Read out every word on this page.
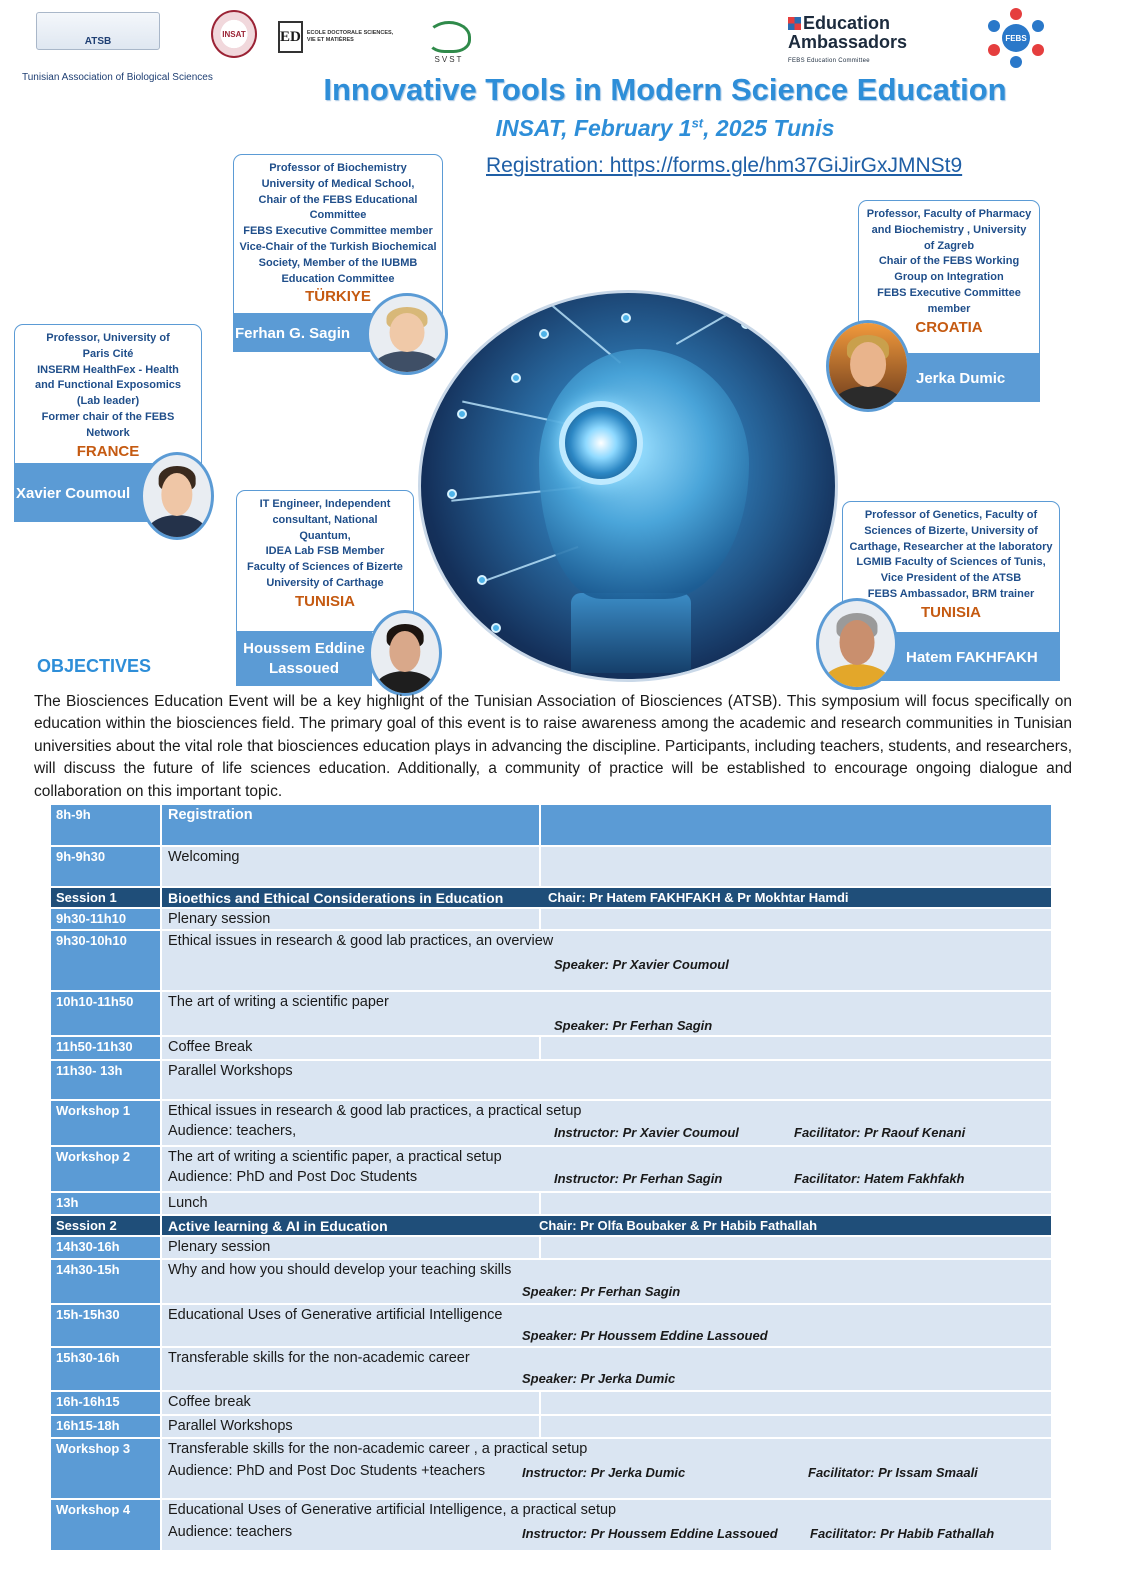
ATSB
Tunisian Association of Biological Sciences
INSAT ED	ECOLE DOCTORALE SCIENCES, VIE ET MATIÈRES
SVST
Education
Ambassadors
FEBS Education Committee
FEBS
Innovative Tools in Modern Science Education
INSAT, February 1st, 2025 Tunis
Registration: https://forms.gle/hm37GiJirGxJMNSt9
Professor of Biochemistry
University of Medical School,
Chair of the FEBS Educational
Committee
FEBS Executive Committee member
Vice-Chair of the Turkish Biochemical
Society, Member of the IUBMB
Education Committee
TÜRKIYE
Ferhan G. Sagin
Professor, Faculty of Pharmacy
and Biochemistry , University
of Zagreb
Chair of the FEBS Working
Group on Integration
FEBS Executive Committee
member
CROATIA
Jerka Dumic
Professor, University of
Paris Cité
INSERM HealthFex - Health
and Functional Exposomics
(Lab leader)
Former chair of the FEBS
Network
FRANCE
Xavier Coumoul
IT Engineer, Independent
consultant, National
Quantum,
IDEA Lab FSB Member
Faculty of Sciences of Bizerte
University of Carthage
TUNISIA
Houssem Eddine
Lassoued
Professor of Genetics, Faculty of
Sciences of Bizerte, University of
Carthage, Researcher at the laboratory
LGMIB Faculty of Sciences of Tunis,
Vice President of the ATSB
FEBS Ambassador, BRM trainer
TUNISIA
Hatem FAKHFAKH
OBJECTIVES
The Biosciences Education Event will be a key highlight of the Tunisian Association of Biosciences (ATSB). This symposium will focus specifically on education within the biosciences field. The primary goal of this event is to raise awareness among the academic and research communities in Tunisian universities about the vital role that biosciences education plays in advancing the discipline. Participants, including teachers, students, and researchers, will discuss the future of life sciences education. Additionally, a community of practice will be established to encourage ongoing dialogue and collaboration on this important topic.
8h-9h	Registration
9h-9h30	Welcoming
Session 1	Bioethics and Ethical Considerations in Education	Chair: Pr Hatem FAKHFAKH & Pr Mokhtar Hamdi
9h30-11h10	Plenary session
9h30-10h10	Ethical issues in research & good lab practices, an overview
Speaker: Pr Xavier Coumoul
10h10-11h50	The art of writing a scientific paper
Speaker: Pr Ferhan Sagin
11h50-11h30	Coffee Break
11h30- 13h	Parallel Workshops
Workshop 1	Ethical issues in research & good lab practices, a practical setup
Audience: teachers,	Instructor: Pr Xavier Coumoul	Facilitator: Pr Raouf Kenani
Workshop 2	The art of writing a scientific paper, a practical setup
Audience: PhD and Post Doc Students	Instructor: Pr Ferhan Sagin	Facilitator: Hatem Fakhfakh
13h	Lunch
Session 2	Active learning & AI in Education	Chair: Pr Olfa Boubaker & Pr Habib Fathallah
14h30-16h	Plenary session
14h30-15h	Why and how you should develop your teaching skills
Speaker: Pr Ferhan Sagin
15h-15h30	Educational Uses of Generative artificial Intelligence
Speaker: Pr Houssem Eddine Lassoued
15h30-16h	Transferable skills for the non-academic career
Speaker: Pr Jerka Dumic
16h-16h15	Coffee break
16h15-18h	Parallel Workshops
Workshop 3	Transferable skills for the non-academic career , a practical setup
Audience: PhD and Post Doc Students +teachers	Instructor: Pr Jerka Dumic	Facilitator: Pr Issam Smaali
Workshop 4	Educational Uses of Generative artificial Intelligence, a practical setup
Audience: teachers	Instructor: Pr Houssem Eddine Lassoued Facilitator: Pr Habib Fathallah
